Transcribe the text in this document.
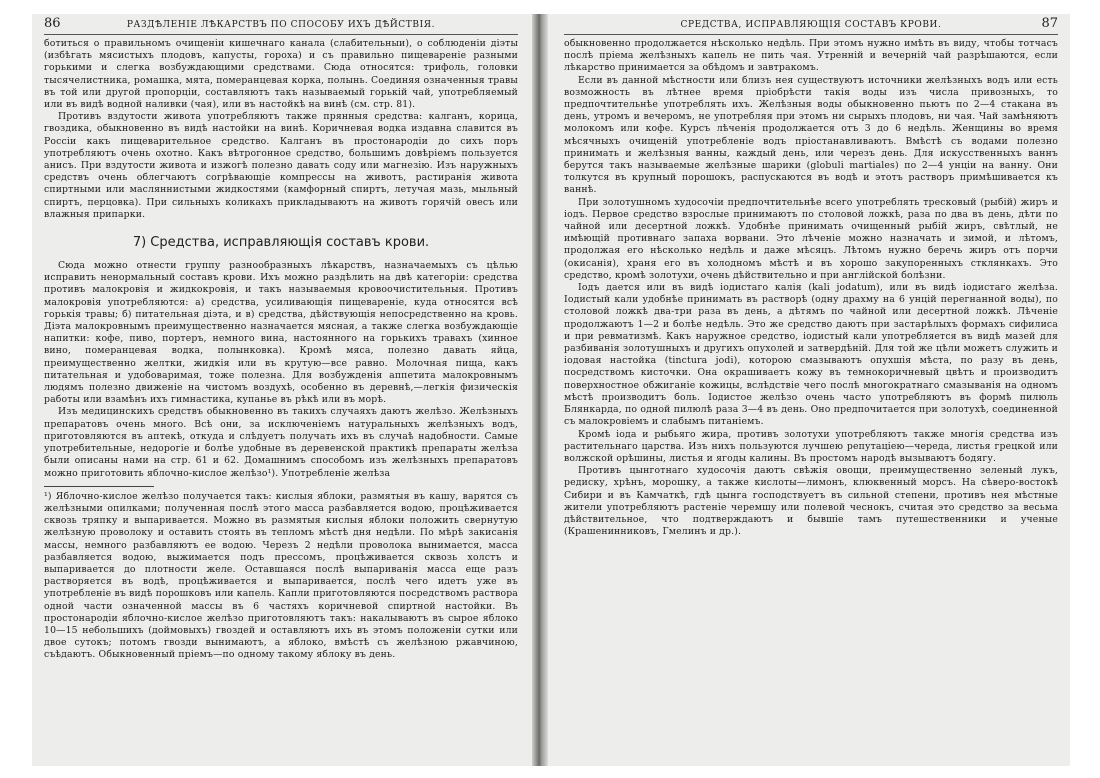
86	РАЗДѢЛЕНІЕ ЛѢКАРСТВЪ ПО СПОСОБУ ИХЪ ДѢЙСТВІЯ.

ботиться о правильномъ очищеніи кишечнаго канала (слабительныи), о соблюденіи діэты (избѣгать мясистыхъ плодовъ, капусты, гороха) и съ правильно пищевареніе разными горькими и слегка возбуждающими средствами. Сюда относятся: трифоль, головки тысячелистника, ромашка, мята, померанцевая корка, полынь. Соединяя означенныя травы въ той или другой пропорціи, составляютъ такъ называемый горькій чай, употребляемый или въ видѣ водной наливки (чая), или въ настойкѣ на винѣ (см. стр. 81).

Противъ вздутости живота употребляютъ также прянныя средства: калганъ, корица, гвоздика, обыкновенно въ видѣ настойки на винѣ. Коричневая водка издавна славится въ Россіи какъ пищеварительное средство. Калганъ въ простонародіи до сихъ поръ употребляютъ очень охотно. Какъ вѣтрогонное средство, большимъ довѣріемъ пользуется анисъ. При вздутости живота и изжогѣ полезно давать соду или магнезію. Изъ наружныхъ средствъ очень облегчаютъ согрѣвающіе компрессы на животъ, растиранія живота спиртными или масляннистыми жидкостями (камфорный спиртъ, летучая мазь, мыльный спиртъ, перцовка). При сильныхъ коликахъ прикладываютъ на животъ горячій овесъ или влажныя припарки.

7) Средства, исправляющія составъ крови.

Сюда можно отнести группу разнообразныхъ лѣкарствъ, назначаемыхъ съ цѣлью исправить ненормальный составъ крови. Ихъ можно раздѣлить на двѣ категоріи: средства противъ малокровія и жидкокровія, и такъ называемыя кровоочистительныя. Противъ малокровія употребляются: а) средства, усиливающія пищевареніе, куда относятся всѣ горькія травы; б) питательная діэта, и в) средства, дѣйствующія непосредственно на кровь. Діэта малокровнымъ преимущественно назначается мясная, а также слегка возбуждающіе напитки: кофе, пиво, портеръ, немного вина, настоянного на горькихъ травахъ (хинное вино, померанцевая водка, полынковка). Кромѣ мяса, полезно давать яйца, преимущественно желтки, жидкія или въ крутую—все равно. Молочная пища, какъ питательная и удобоваримая, тоже полезна. Для возбужденія аппетита малокровнымъ людямъ полезно движеніе на чистомъ воздухѣ, особенно въ деревнѣ,—легкія физическія работы или взамѣнъ ихъ гимнастика, купанье въ рѣкѣ или въ морѣ.

Изъ медицинскихъ средствъ обыкновенно въ такихъ случаяхъ даютъ желѣзо. Желѣзныхъ препаратовъ очень много. Всѣ они, за исключеніемъ натуральныхъ желѣзныхъ водъ, приготовляются въ аптекѣ, откуда и слѣдуетъ получать ихъ въ случаѣ надобности. Самые употребительные, недорогіе и болѣе удобные въ деревенской практикѣ препараты желѣза были описаны нами на стр. 61 и 62. Домашнимъ способомъ изъ желѣзныхъ препаратовъ можно приготовить яблочно-кислое желѣзо¹). Употребленіе желѣза

¹) Яблочно-кислое желѣзо получается такъ: кислыя яблоки, размятыя въ кашу, варятся съ желѣзными опилками; полученная послѣ этого масса разбавляется водою, процѣживается сквозь тряпку и выпаривается. Можно въ размятыя кислыя яблоки положить свернутую желѣзную проволоку и оставить стоять въ тепломъ мѣстѣ дня недѣли. По мѣрѣ закисанія массы, немного разбавляютъ ее водою. Черезъ 2 недѣли проволока вынимается, масса разбавляется водою, выжимается подъ прессомъ, процѣживается сквозь холстъ и выпаривается до плотности желе. Оставшаяся послѣ выпариванія масса еще разъ растворяется въ водѣ, процѣживается и выпаривается, послѣ чего идетъ уже въ употребленіе въ видѣ порошковъ или капель. Капли приготовляются посредствомъ раствора одной части означенной массы въ 6 частяхъ коричневой спиртной настойки. Въ простонародіи яблочно-кислое желѣзо приготовляютъ такъ: накалываютъ въ сырое яблоко 10—15 небольшихъ (доймовыхъ) гвоздей и оставляютъ ихъ въ этомъ положеніи сутки или двое сутокъ; потомъ гвозди вынимаютъ, а яблоко, вмѣстѣ съ желѣзною ржавчиною, съѣдаютъ. Обыкновенный пріемъ—по одному такому яблоку въ день.

СРЕДСТВА, ИСПРАВЛЯЮЩІЯ СОСТАВЪ КРОВИ.	87

обыкновенно продолжается нѣсколько недѣль. При этомъ нужно имѣть въ виду, чтобы тотчасъ послѣ пріема желѣзныхъ капель не пить чая. Утренній и вечерній чай разрѣшаются, если лѣкарство принимается за обѣдомъ и завтракомъ.

Если въ данной мѣстности или близъ нея существуютъ источники желѣзныхъ водъ или есть возможность въ лѣтнее время пріобрѣсти такія воды изъ числа привозныхъ, то предпочтительнѣе употреблять ихъ. Желѣзныя воды обыкновенно пьютъ по 2—4 стакана въ день, утромъ и вечеромъ, не употребляя при этомъ ни сырыхъ плодовъ, ни чая. Чай замѣняютъ молокомъ или кофе. Курсъ лѣченія продолжается отъ 3 до 6 недѣль. Женщины во время мѣсячныхъ очищеній употребленіе водъ пріостанавливаютъ. Вмѣстѣ съ водами полезно принимать и желѣзныя ванны, каждый день, или черезъ день. Для искусственныхъ ваннъ берутся такъ называемые желѣзные шарики (globuli martiales) по 2—4 унціи на ванну. Они толкутся въ крупный порошокъ, распускаются въ водѣ и этотъ растворъ примѣшивается къ ваннѣ.

При золотушномъ худосочіи предпочтительнѣе всего употреблять тресковый (рыбій) жиръ и іодъ. Первое средство взрослые принимаютъ по столовой ложкѣ, раза по два въ день, дѣти по чайной или десертной ложкѣ. Удобнѣе принимать очищенный рыбій жиръ, свѣтлый, не имѣющій противнаго запаха ворвани. Это лѣченіе можно назначать и зимой, и лѣтомъ, продолжая его нѣсколько недѣль и даже мѣсяцъ. Лѣтомъ нужно беречь жиръ отъ порчи (окисанія), храня его въ холодномъ мѣстѣ и въ хорошо закупоренныхъ стклянкахъ. Это средство, кромѣ золотухи, очень дѣйствительно и при англійской болѣзни.

Іодъ дается или въ видѣ іодистаго калія (kali jodatum), или въ видѣ іодистаго желѣза. Іодистый кали удобнѣе принимать въ растворѣ (одну драхму на 6 унцій перегнанной воды), по столовой ложкѣ два-три раза въ день, а дѣтямъ по чайной или десертной ложкѣ. Лѣченіе продолжаютъ 1—2 и болѣе недѣль. Это же средство даютъ при застарѣлыхъ формахъ сифилиса и при ревматизмѣ. Какъ наружное средство, іодистый кали употребляется въ видѣ мазей для разбиванія золотушныхъ и другихъ опухолей и затвердѣній. Для той же цѣли можетъ служить и іодовая настойка (tinctura jodi), которою смазываютъ опухшія мѣста, по разу въ день, посредствомъ кисточки. Она окрашиваетъ кожу въ темнокоричневый цвѣтъ и производитъ поверхностное обжиганіе кожицы, вслѣдствіе чего послѣ многократнаго смазыванія на одномъ мѣстѣ производитъ боль. Іодистое желѣзо очень часто употребляютъ въ формѣ пилюль Блянкарда, по одной пилюлѣ раза 3—4 въ день. Оно предпочитается при золотухѣ, соединенной съ малокровіемъ и слабымъ питаніемъ.

Кромѣ іода и рыбьяго жира, противъ золотухи употребляютъ также многія средства изъ растительнаго царства. Изъ нихъ пользуются лучшею репутаціею—череда, листья грецкой или волжской орѣшины, листья и ягоды калины. Въ простомъ народѣ вызываютъ бодягу.

Противъ цынготнаго худосочія даютъ свѣжія овощи, преимущественно зеленый лукъ, редиску, хрѣнъ, морошку, а также кислоты—лимонъ, клюквенный морсъ. На сѣверо-востокѣ Сибири и въ Камчаткѣ, гдѣ цынга господствуетъ въ сильной степени, противъ нея мѣстные жители употребляютъ растеніе черемшу или полевой чеснокъ, считая это средство за весьма дѣйствительное, что подтверждаютъ и бывшіе тамъ путешественники и ученые (Крашенинниковъ, Гмелинъ и др.).
